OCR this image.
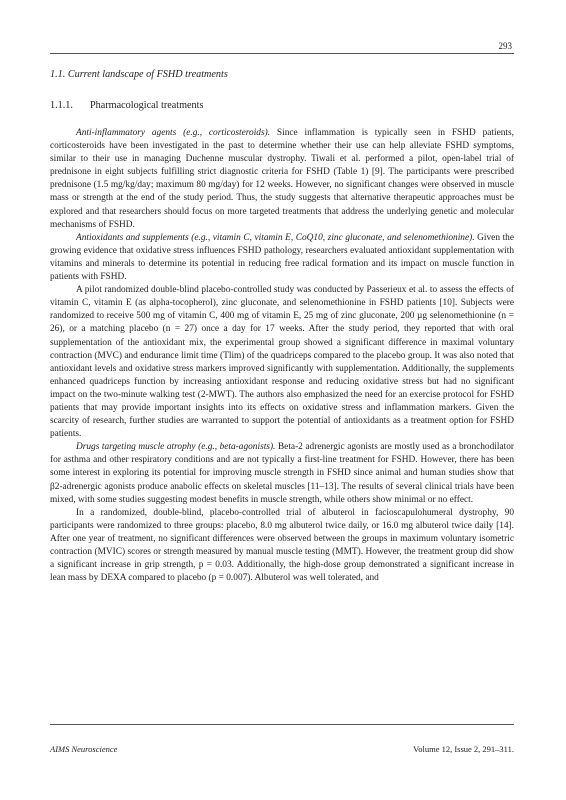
293
1.1. Current landscape of FSHD treatments
1.1.1. Pharmacological treatments

Anti-inflammatory agents (e.g., corticosteroids). Since inflammation is typically seen in FSHD patients, corticosteroids have been investigated in the past to determine whether their use can help alleviate FSHD symptoms, similar to their use in managing Duchenne muscular dystrophy. Tiwali et al. performed a pilot, open-label trial of prednisone in eight subjects fulfilling strict diagnostic criteria for FSHD (Table 1) [9]. The participants were prescribed prednisone (1.5 mg/kg/day; maximum 80 mg/day) for 12 weeks. However, no significant changes were observed in muscle mass or strength at the end of the study period. Thus, the study suggests that alternative therapeutic approaches must be explored and that researchers should focus on more targeted treatments that address the underlying genetic and molecular mechanisms of FSHD.

Antioxidants and supplements (e.g., vitamin C, vitamin E, CoQ10, zinc gluconate, and selenomethionine). Given the growing evidence that oxidative stress influences FSHD pathology, researchers evaluated antioxidant supplementation with vitamins and minerals to determine its potential in reducing free radical formation and its impact on muscle function in patients with FSHD.

A pilot randomized double-blind placebo-controlled study was conducted by Passerieux et al. to assess the effects of vitamin C, vitamin E (as alpha-tocopherol), zinc gluconate, and selenomethionine in FSHD patients [10]. Subjects were randomized to receive 500 mg of vitamin C, 400 mg of vitamin E, 25 mg of zinc gluconate, 200 µg selenomethionine (n = 26), or a matching placebo (n = 27) once a day for 17 weeks. After the study period, they reported that with oral supplementation of the antioxidant mix, the experimental group showed a significant difference in maximal voluntary contraction (MVC) and endurance limit time (Tlim) of the quadriceps compared to the placebo group. It was also noted that antioxidant levels and oxidative stress markers improved significantly with supplementation. Additionally, the supplements enhanced quadriceps function by increasing antioxidant response and reducing oxidative stress but had no significant impact on the two-minute walking test (2-MWT). The authors also emphasized the need for an exercise protocol for FSHD patients that may provide important insights into its effects on oxidative stress and inflammation markers. Given the scarcity of research, further studies are warranted to support the potential of antioxidants as a treatment option for FSHD patients.

Drugs targeting muscle atrophy (e.g., beta-agonists). Beta-2 adrenergic agonists are mostly used as a bronchodilator for asthma and other respiratory conditions and are not typically a first-line treatment for FSHD. However, there has been some interest in exploring its potential for improving muscle strength in FSHD since animal and human studies show that β2-adrenergic agonists produce anabolic effects on skeletal muscles [11–13]. The results of several clinical trials have been mixed, with some studies suggesting modest benefits in muscle strength, while others show minimal or no effect.

In a randomized, double-blind, placebo-controlled trial of albuterol in facioscapulohumeral dystrophy, 90 participants were randomized to three groups: placebo, 8.0 mg albuterol twice daily, or 16.0 mg albuterol twice daily [14]. After one year of treatment, no significant differences were observed between the groups in maximum voluntary isometric contraction (MVIC) scores or strength measured by manual muscle testing (MMT). However, the treatment group did show a significant increase in grip strength, p = 0.03. Additionally, the high-dose group demonstrated a significant increase in lean mass by DEXA compared to placebo (p = 0.007). Albuterol was well tolerated, and

AIMS Neuroscience	Volume 12, Issue 2, 291–311.
